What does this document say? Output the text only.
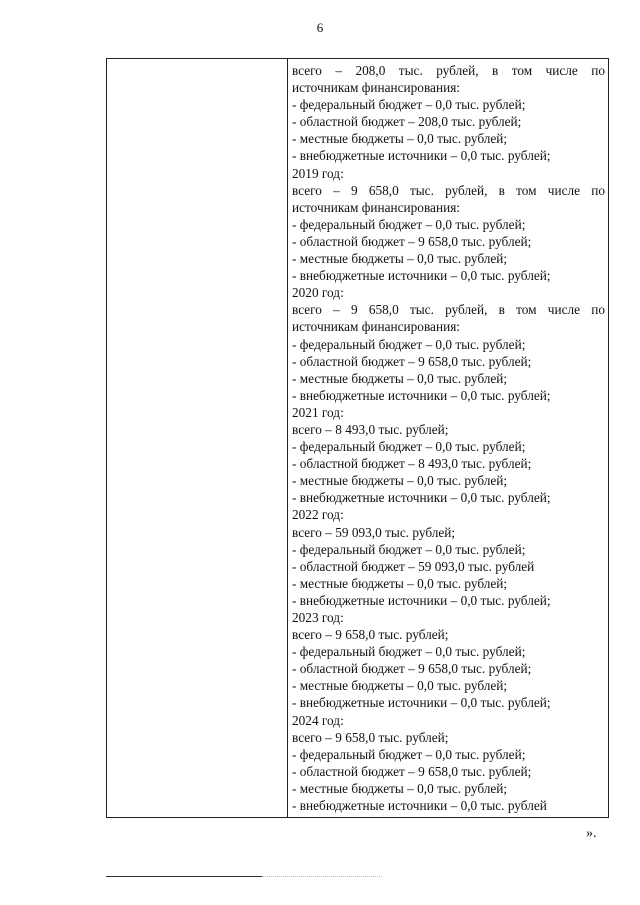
6
всего – 208,0 тыс. рублей, в том числе по
источникам финансирования:
- федеральный бюджет – 0,0 тыс. рублей;
- областной бюджет – 208,0 тыс. рублей;
- местные бюджеты – 0,0 тыс. рублей;
- внебюджетные источники – 0,0 тыс. рублей;
2019 год:
всего – 9 658,0 тыс. рублей, в том числе по
источникам финансирования:
- федеральный бюджет – 0,0 тыс. рублей;
- областной бюджет – 9 658,0 тыс. рублей;
- местные бюджеты – 0,0 тыс. рублей;
- внебюджетные источники – 0,0 тыс. рублей;
2020 год:
всего – 9 658,0 тыс. рублей, в том числе по
источникам финансирования:
- федеральный бюджет – 0,0 тыс. рублей;
- областной бюджет – 9 658,0 тыс. рублей;
- местные бюджеты – 0,0 тыс. рублей;
- внебюджетные источники – 0,0 тыс. рублей;
2021 год:
всего – 8 493,0 тыс. рублей;
- федеральный бюджет – 0,0 тыс. рублей;
- областной бюджет – 8 493,0 тыс. рублей;
- местные бюджеты – 0,0 тыс. рублей;
- внебюджетные источники – 0,0 тыс. рублей;
2022 год:
всего – 59 093,0 тыс. рублей;
- федеральный бюджет – 0,0 тыс. рублей;
- областной бюджет – 59 093,0 тыс. рублей
- местные бюджеты – 0,0 тыс. рублей;
- внебюджетные источники – 0,0 тыс. рублей;
2023 год:
всего – 9 658,0 тыс. рублей;
- федеральный бюджет – 0,0 тыс. рублей;
- областной бюджет – 9 658,0 тыс. рублей;
- местные бюджеты – 0,0 тыс. рублей;
- внебюджетные источники – 0,0 тыс. рублей;
2024 год:
всего – 9 658,0 тыс. рублей;
- федеральный бюджет – 0,0 тыс. рублей;
- областной бюджет – 9 658,0 тыс. рублей;
- местные бюджеты – 0,0 тыс. рублей;
- внебюджетные источники – 0,0 тыс. рублей
».
